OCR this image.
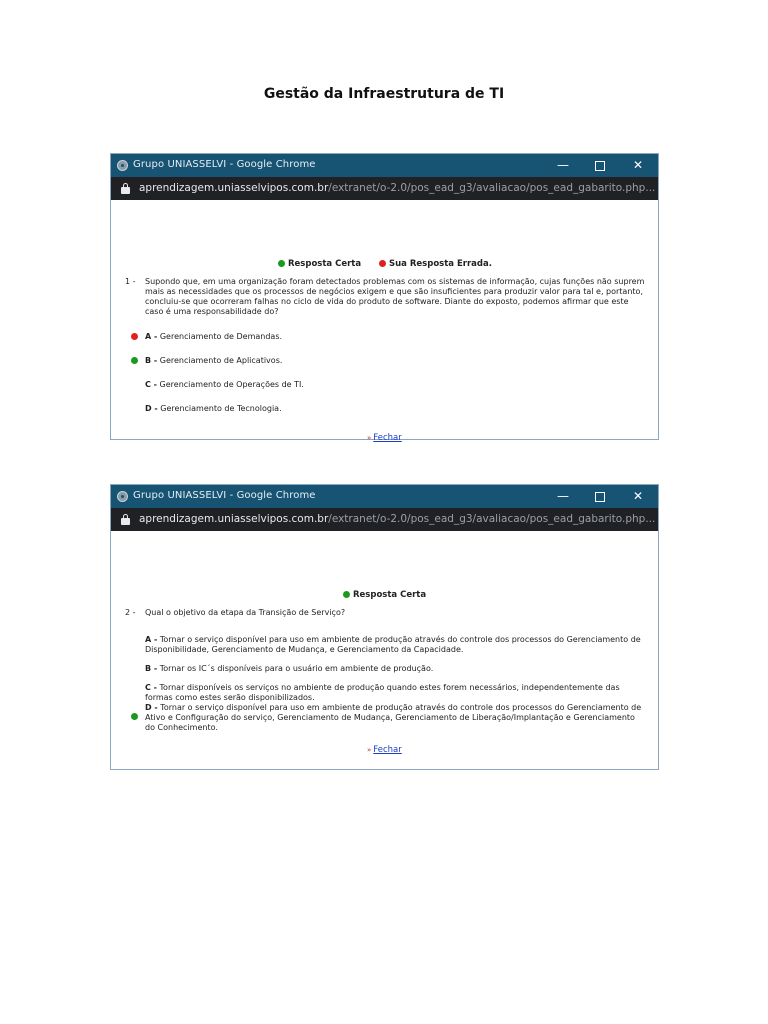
Gestão da Infraestrutura de TI
Grupo UNIASSELVI - Google Chrome	—	✕
aprendizagem.uniasselvipos.com.br/extranet/o-2.0/pos_ead_g3/avaliacao/pos_ead_gabarito.php...
Resposta Certa	Sua Resposta Errada.
1 - Supondo que, em uma organização foram detectados problemas com os sistemas de informação, cujas funções não suprem mais as necessidades que os processos de negócios exigem e que são insuficientes para produzir valor para tal e, portanto, concluiu-se que ocorreram falhas no ciclo de vida do produto de software. Diante do exposto, podemos afirmar que este caso é uma responsabilidade do?
A - Gerenciamento de Demandas.
B - Gerenciamento de Aplicativos.
C - Gerenciamento de Operações de TI.
D - Gerenciamento de Tecnologia.
» Fechar
Grupo UNIASSELVI - Google Chrome	—	✕
aprendizagem.uniasselvipos.com.br/extranet/o-2.0/pos_ead_g3/avaliacao/pos_ead_gabarito.php...
Resposta Certa
2 - Qual o objetivo da etapa da Transição de Serviço?
A - Tornar o serviço disponível para uso em ambiente de produção através do controle dos processos do Gerenciamento de Disponibilidade, Gerenciamento de Mudança, e Gerenciamento da Capacidade.
B - Tornar os IC´s disponíveis para o usuário em ambiente de produção.
C - Tornar disponíveis os serviços no ambiente de produção quando estes forem necessários, independentemente das formas como estes serão disponibilizados.
D - Tornar o serviço disponível para uso em ambiente de produção através do controle dos processos do Gerenciamento de Ativo e Configuração do serviço, Gerenciamento de Mudança, Gerenciamento de Liberação/Implantação e Gerenciamento do Conhecimento.
» Fechar
